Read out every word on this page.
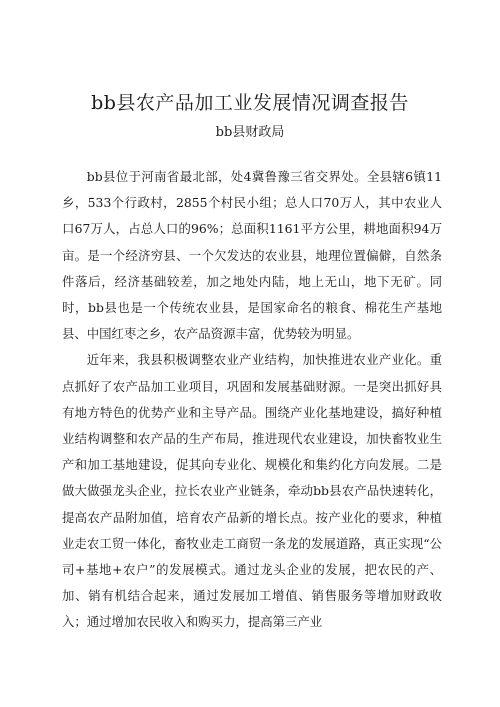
bb县农产品加工业发展情况调查报告
bb县财政局

bb县位于河南省最北部，处4冀鲁豫三省交界处。全县辖6镇11乡，533个行政村，2855个村民小组；总人口70万人，其中农业人口67万人，占总人口的96%；总面积1161平方公里，耕地面积94万亩。是一个经济穷县、一个欠发达的农业县，地理位置偏僻，自然条件落后，经济基础较差，加之地处内陆，地上无山，地下无矿。同时，bb县也是一个传统农业县，是国家命名的粮食、棉花生产基地县、中国红枣之乡，农产品资源丰富，优势较为明显。

近年来，我县积极调整农业产业结构，加快推进农业产业化。重点抓好了农产品加工业项目，巩固和发展基础财源。一是突出抓好具有地方特色的优势产业和主导产品。围绕产业化基地建设，搞好种植业结构调整和农产品的生产布局，推进现代农业建设，加快畜牧业生产和加工基地建设，促其向专业化、规模化和集约化方向发展。二是做大做强龙头企业，拉长农业产业链条，牵动bb县农产品快速转化，提高农产品附加值，培育农产品新的增长点。按产业化的要求，种植业走农工贸一体化，畜牧业走工商贸一条龙的发展道路，真正实现“公司+基地+农户”的发展模式。通过龙头企业的发展，把农民的产、加、销有机结合起来，通过发展加工增值、销售服务等增加财政收入；通过增加农民收入和购买力，提高第三产业
